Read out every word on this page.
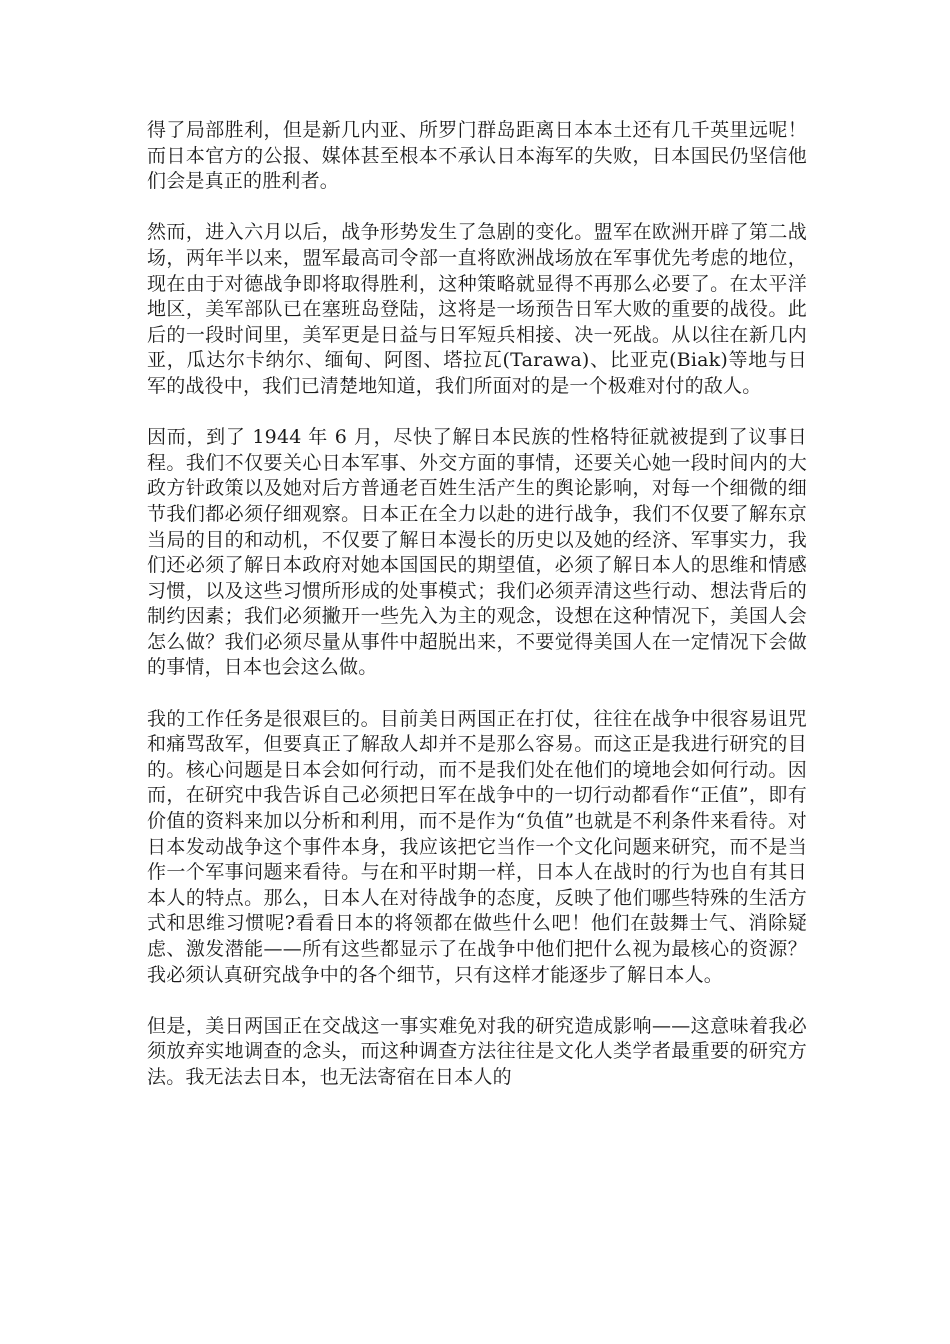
得了局部胜利，但是新几内亚、所罗门群岛距离日本本土还有几千英里远呢！而日本官方的公报、媒体甚至根本不承认日本海军的失败，日本国民仍坚信他们会是真正的胜利者。

然而，进入六月以后，战争形势发生了急剧的变化。盟军在欧洲开辟了第二战场，两年半以来，盟军最高司令部一直将欧洲战场放在军事优先考虑的地位，现在由于对德战争即将取得胜利，这种策略就显得不再那么必要了。在太平洋地区，美军部队已在塞班岛登陆，这将是一场预告日军大败的重要的战役。此后的一段时间里，美军更是日益与日军短兵相接、决一死战。从以往在新几内亚，瓜达尔卡纳尔、缅甸、阿图、塔拉瓦(Tarawa)、比亚克(Biak)等地与日军的战役中，我们已清楚地知道，我们所面对的是一个极难对付的敌人。

因而，到了 1944 年 6 月，尽快了解日本民族的性格特征就被提到了议事日程。我们不仅要关心日本军事、外交方面的事情，还要关心她一段时间内的大政方针政策以及她对后方普通老百姓生活产生的舆论影响，对每一个细微的细节我们都必须仔细观察。日本正在全力以赴的进行战争，我们不仅要了解东京当局的目的和动机，不仅要了解日本漫长的历史以及她的经济、军事实力，我们还必须了解日本政府对她本国国民的期望值，必须了解日本人的思维和情感习惯，以及这些习惯所形成的处事模式；我们必须弄清这些行动、想法背后的制约因素；我们必须撇开一些先入为主的观念，设想在这种情况下，美国人会怎么做？我们必须尽量从事件中超脱出来，不要觉得美国人在一定情况下会做的事情，日本也会这么做。

我的工作任务是很艰巨的。目前美日两国正在打仗，往往在战争中很容易诅咒和痛骂敌军，但要真正了解敌人却并不是那么容易。而这正是我进行研究的目的。核心问题是日本会如何行动，而不是我们处在他们的境地会如何行动。因而，在研究中我告诉自己必须把日军在战争中的一切行动都看作“正值”，即有价值的资料来加以分析和利用，而不是作为“负值”也就是不利条件来看待。对日本发动战争这个事件本身，我应该把它当作一个文化问题来研究，而不是当作一个军事问题来看待。与在和平时期一样，日本人在战时的行为也自有其日本人的特点。那么，日本人在对待战争的态度，反映了他们哪些特殊的生活方式和思维习惯呢?看看日本的将领都在做些什么吧！他们在鼓舞士气、消除疑虑、激发潜能——所有这些都显示了在战争中他们把什么视为最核心的资源？我必须认真研究战争中的各个细节，只有这样才能逐步了解日本人。

但是，美日两国正在交战这一事实难免对我的研究造成影响——这意味着我必须放弃实地调查的念头，而这种调查方法往往是文化人类学者最重要的研究方法。我无法去日本，也无法寄宿在日本人的
